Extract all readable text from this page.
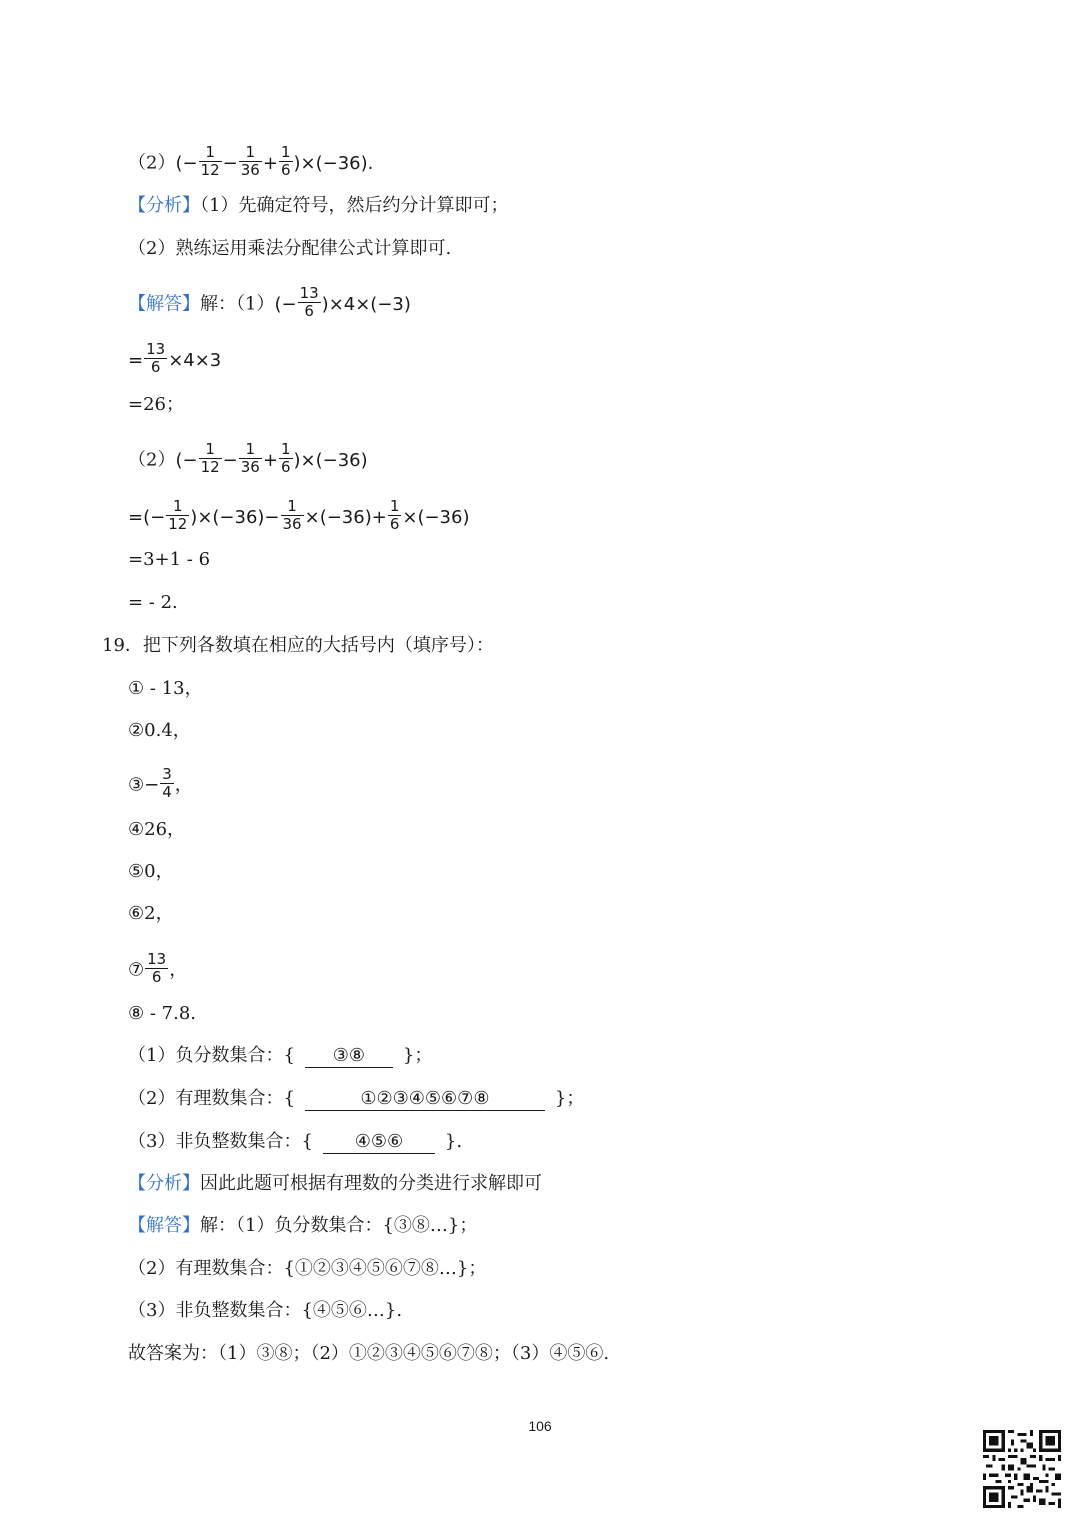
$(2)(- \frac{1}{12} - \frac{1}{36} + \frac{1}{6} )\times(-36)$.
【分析】（1）先确定符号，然后约分计算即可；
（2）熟练运用乘法分配律公式计算即可.
【解答】解：$(1)(- \frac{13}{6} )\times 4\times(-3)$
= $\frac{13}{6} \times 4\times 3$
=26；
$(2)(- \frac{1}{12} - \frac{1}{36} + \frac{1}{6} )\times(-36)$
=(− $\frac{1}{12} )\times(-36)- \frac{1}{36} \times(-36)+ \frac{1}{6} \times(-36)$
=3+1 - 6
= - 2.
19．把下列各数填在相应的大括号内（填序号）：
① - 13，
②0.4，
③− $\frac{3}{4}$ ，
④26，
⑤0，
⑥2，
⑦ $\frac{13}{6}$ ，
⑧ - 7.8.
（1）负分数集合：{ ③⑧ }；
（2）有理数集合：{	①②③④⑤⑥⑦⑧	}；
（3）非负整数集合：{ ④⑤⑥ }.
【分析】因此此题可根据有理数的分类进行求解即可
【解答】解：（1）负分数集合：{③⑧…}；
（2）有理数集合：{①②③④⑤⑥⑦⑧…}；
（3）非负整数集合：{④⑤⑥…}.
故答案为：（1）③⑧；（2）①②③④⑤⑥⑦⑧；（3）④⑤⑥.
106
